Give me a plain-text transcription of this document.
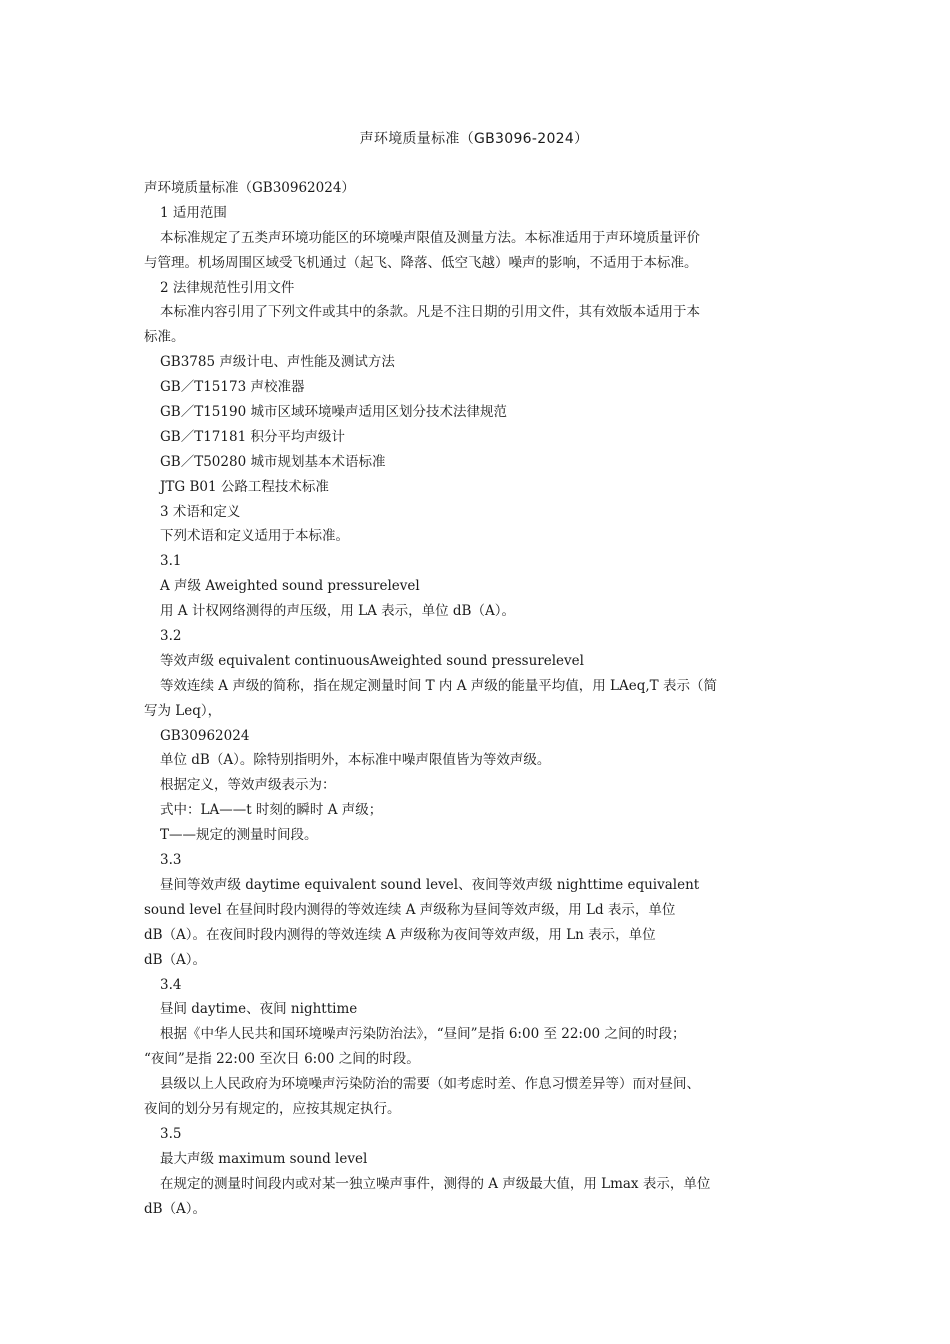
声环境质量标准（GB3096-2024）
声环境质量标准（GB30962024）
1 适用范围
本标准规定了五类声环境功能区的环境噪声限值及测量方法。本标准适用于声环境质量评价
与管理。机场周围区域受飞机通过（起飞、降落、低空飞越）噪声的影响，不适用于本标准。
2 法律规范性引用文件
本标准内容引用了下列文件或其中的条款。凡是不注日期的引用文件，其有效版本适用于本
标准。
GB3785 声级计电、声性能及测试方法
GB／T15173 声校准器
GB／T15190 城市区域环境噪声适用区划分技术法律规范
GB／T17181 积分平均声级计
GB／T50280 城市规划基本术语标准
JTG B01 公路工程技术标准
3 术语和定义
下列术语和定义适用于本标准。
3.1
A 声级 Aweighted sound pressurelevel
用 A 计权网络测得的声压级，用 LA 表示，单位 dB（A）。
3.2
等效声级 equivalent continuousAweighted sound pressurelevel
等效连续 A 声级的简称，指在规定测量时间 T 内 A 声级的能量平均值，用 LAeq,T 表示（简
写为 Leq），
GB30962024
单位 dB（A）。除特别指明外，本标准中噪声限值皆为等效声级。
根据定义，等效声级表示为：
式中：LA——t 时刻的瞬时 A 声级；
T——规定的测量时间段。
3.3
昼间等效声级 daytime equivalent sound level、夜间等效声级 nighttime equivalent
sound level 在昼间时段内测得的等效连续 A 声级称为昼间等效声级，用 Ld 表示，单位
dB（A）。在夜间时段内测得的等效连续 A 声级称为夜间等效声级，用 Ln 表示，单位
dB（A）。
3.4
昼间 daytime、夜间 nighttime
根据《中华人民共和国环境噪声污染防治法》，“昼间”是指 6:00 至 22:00 之间的时段；
“夜间”是指 22:00 至次日 6:00 之间的时段。
县级以上人民政府为环境噪声污染防治的需要（如考虑时差、作息习惯差异等）而对昼间、
夜间的划分另有规定的，应按其规定执行。
3.5
最大声级 maximum sound level
在规定的测量时间段内或对某一独立噪声事件，测得的 A 声级最大值，用 Lmax 表示，单位
dB（A）。
